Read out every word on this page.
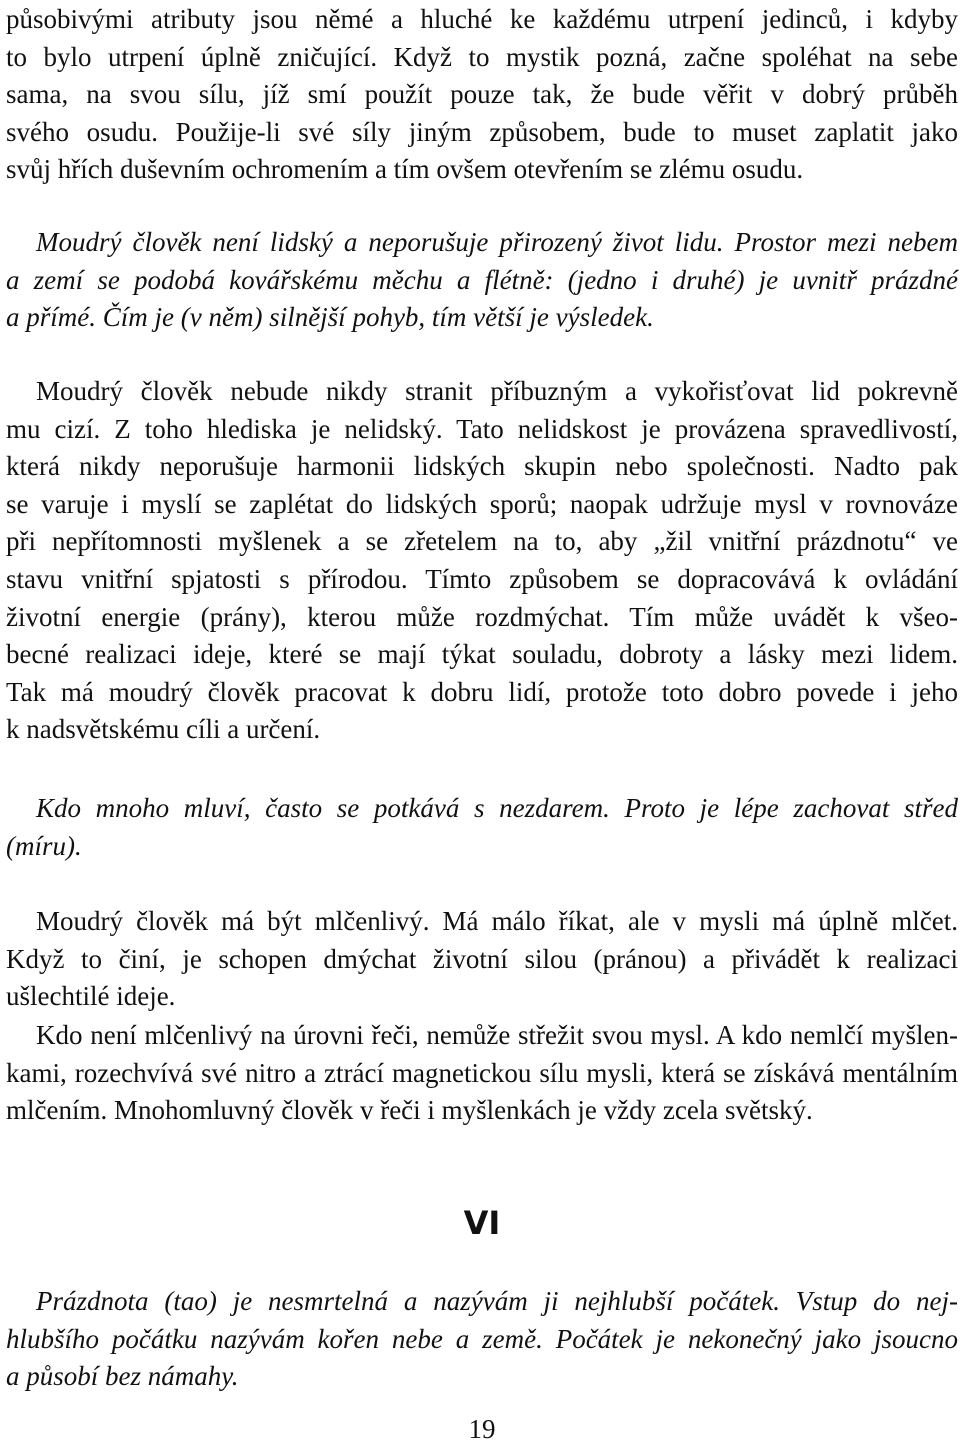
působivými atributy jsou němé a hluché ke každému utrpení jedinců, i kdyby
to bylo utrpení úplně zničující. Když to mystik pozná, začne spoléhat na sebe
sama, na svou sílu, jíž smí použít pouze tak, že bude věřit v dobrý průběh
svého osudu. Použije-li své síly jiným způsobem, bude to muset zaplatit jako
svůj hřích duševním ochromením a tím ovšem otevřením se zlému osudu.
Moudrý člověk není lidský a neporušuje přirozený život lidu. Prostor mezi nebem
a zemí se podobá kovářskému měchu a flétně: (jedno i druhé) je uvnitř prázdné
a přímé. Čím je (v něm) silnější pohyb, tím větší je výsledek.
Moudrý člověk nebude nikdy stranit příbuzným a vykořisťovat lid pokrevně
mu cizí. Z toho hlediska je nelidský. Tato nelidskost je provázena spravedlivostí,
která nikdy neporušuje harmonii lidských skupin nebo společnosti. Nadto pak
se varuje i myslí se zaplétat do lidských sporů; naopak udržuje mysl v rovnováze
při nepřítomnosti myšlenek a se zřetelem na to, aby „žil vnitřní prázdnotu“ ve
stavu vnitřní spjatosti s přírodou. Tímto způsobem se dopracovává k ovládání
životní energie (prány), kterou může rozdmýchat. Tím může uvádět k všeo-
becné realizaci ideje, které se mají týkat souladu, dobroty a lásky mezi lidem.
Tak má moudrý člověk pracovat k dobru lidí, protože toto dobro povede i jeho
k nadsvětskému cíli a určení.
Kdo mnoho mluví, často se potkává s nezdarem. Proto je lépe zachovat střed
(míru).
Moudrý člověk má být mlčenlivý. Má málo říkat, ale v mysli má úplně mlčet.
Když to činí, je schopen dmýchat životní silou (pránou) a přivádět k realizaci
ušlechtilé ideje.
Kdo není mlčenlivý na úrovni řeči, nemůže střežit svou mysl. A kdo nemlčí myšlen-
kami, rozechvívá své nitro a ztrácí magnetickou sílu mysli, která se získává mentálním
mlčením. Mnohomluvný člověk v řeči i myšlenkách je vždy zcela světský.
VI
Prázdnota (tao) je nesmrtelná a nazývám ji nejhlubší počátek. Vstup do nej-
hlubšího počátku nazývám kořen nebe a země. Počátek je nekonečný jako jsoucno
a působí bez námahy.
19
